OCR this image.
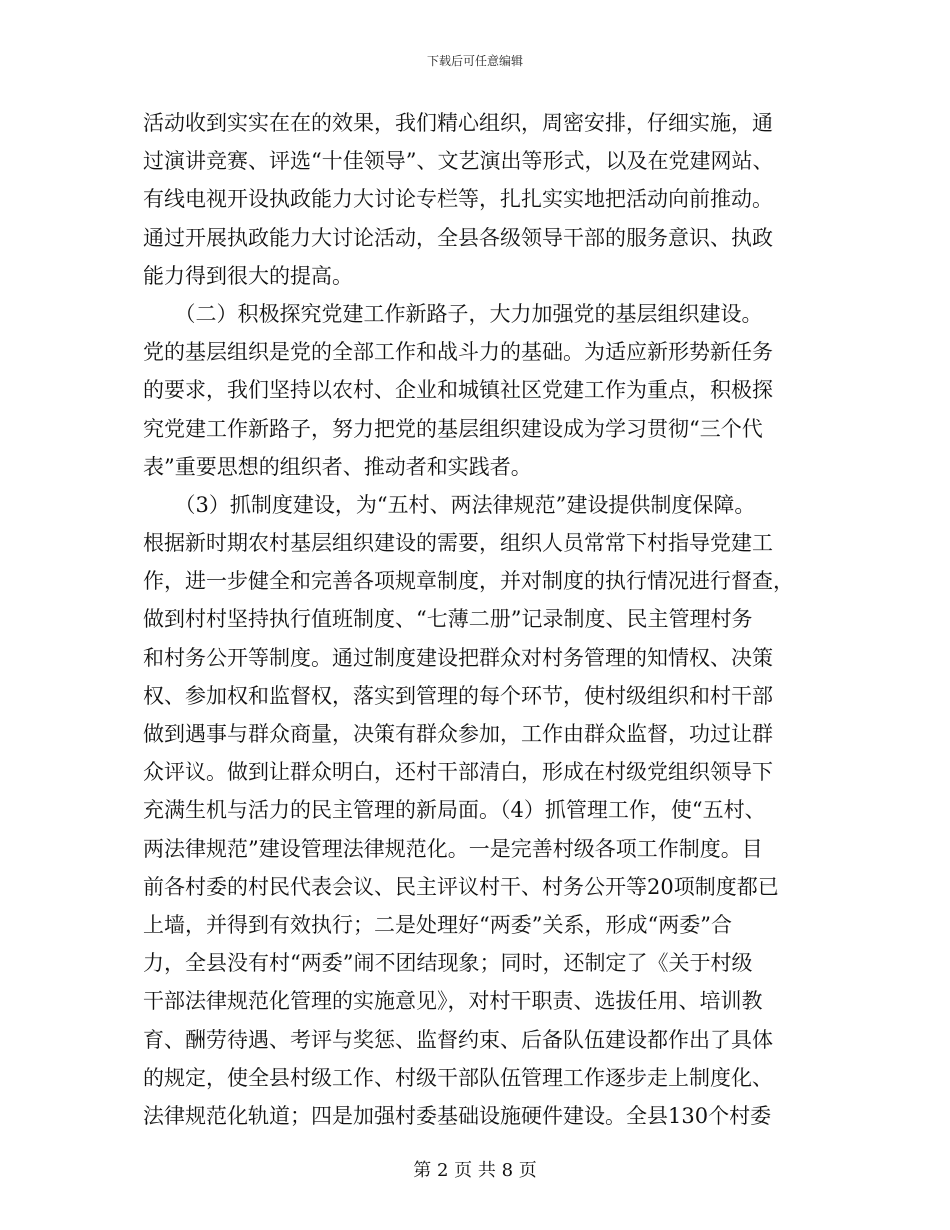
下载后可任意编辑
活动收到实实在在的效果，我们精心组织，周密安排，仔细实施，通
过演讲竞赛、评选“十佳领导”、文艺演出等形式，以及在党建网站、
有线电视开设执政能力大讨论专栏等，扎扎实实地把活动向前推动。
通过开展执政能力大讨论活动，全县各级领导干部的服务意识、执政
能力得到很大的提高。
　　（二）积极探究党建工作新路子，大力加强党的基层组织建设。
党的基层组织是党的全部工作和战斗力的基础。为适应新形势新任务
的要求，我们坚持以农村、企业和城镇社区党建工作为重点，积极探
究党建工作新路子，努力把党的基层组织建设成为学习贯彻“三个代
表”重要思想的组织者、推动者和实践者。
　　（3）抓制度建设，为“五村、两法律规范”建设提供制度保障。
根据新时期农村基层组织建设的需要，组织人员常常下村指导党建工
作，进一步健全和完善各项规章制度，并对制度的执行情况进行督查，
做到村村坚持执行值班制度、“七薄二册”记录制度、民主管理村务
和村务公开等制度。通过制度建设把群众对村务管理的知情权、决策
权、参加权和监督权，落实到管理的每个环节，使村级组织和村干部
做到遇事与群众商量，决策有群众参加，工作由群众监督，功过让群
众评议。做到让群众明白，还村干部清白，形成在村级党组织领导下
充满生机与活力的民主管理的新局面。（4）抓管理工作，使“五村、
两法律规范”建设管理法律规范化。一是完善村级各项工作制度。目
前各村委的村民代表会议、民主评议村干、村务公开等20项制度都已
上墙，并得到有效执行；二是处理好“两委”关系，形成“两委”合
力，全县没有村“两委”闹不团结现象；同时，还制定了《关于村级
干部法律规范化管理的实施意见》，对村干职责、选拔任用、培训教
育、酬劳待遇、考评与奖惩、监督约束、后备队伍建设都作出了具体
的规定，使全县村级工作、村级干部队伍管理工作逐步走上制度化、
法律规范化轨道；四是加强村委基础设施硬件建设。全县130个村委
第 2 页 共 8 页
